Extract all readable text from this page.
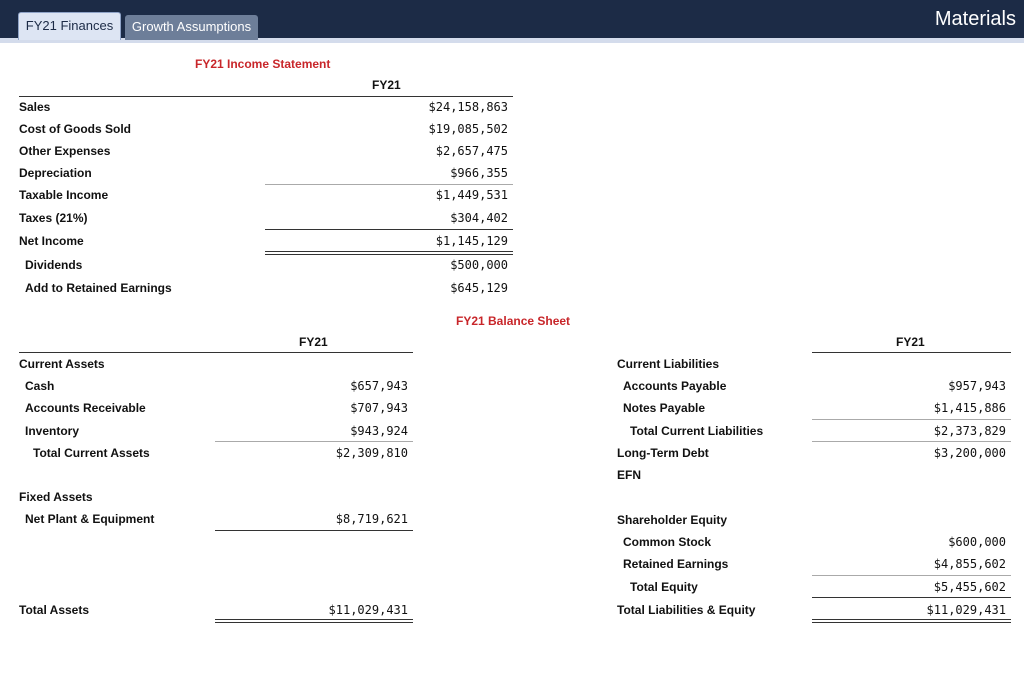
FY21 Finances	Growth Assumptions	Materials
FY21 Income Statement
FY21
Sales	$24,158,863
Cost of Goods Sold	$19,085,502
Other Expenses	$2,657,475
Depreciation	$966,355
Taxable Income	$1,449,531
Taxes (21%)	$304,402
Net Income	$1,145,129
Dividends	$500,000
Add to Retained Earnings	$645,129
FY21 Balance Sheet
FY21
Current Assets
Cash	$657,943
Accounts Receivable	$707,943
Inventory	$943,924
Total Current Assets	$2,309,810
Fixed Assets
Net Plant & Equipment	$8,719,621
Total Assets	$11,029,431
FY21
Current Liabilities
Accounts Payable	$957,943
Notes Payable	$1,415,886
Total Current Liabilities	$2,373,829
Long-Term Debt	$3,200,000
EFN
Shareholder Equity
Common Stock	$600,000
Retained Earnings	$4,855,602
Total Equity	$5,455,602
Total Liabilities & Equity	$11,029,431
